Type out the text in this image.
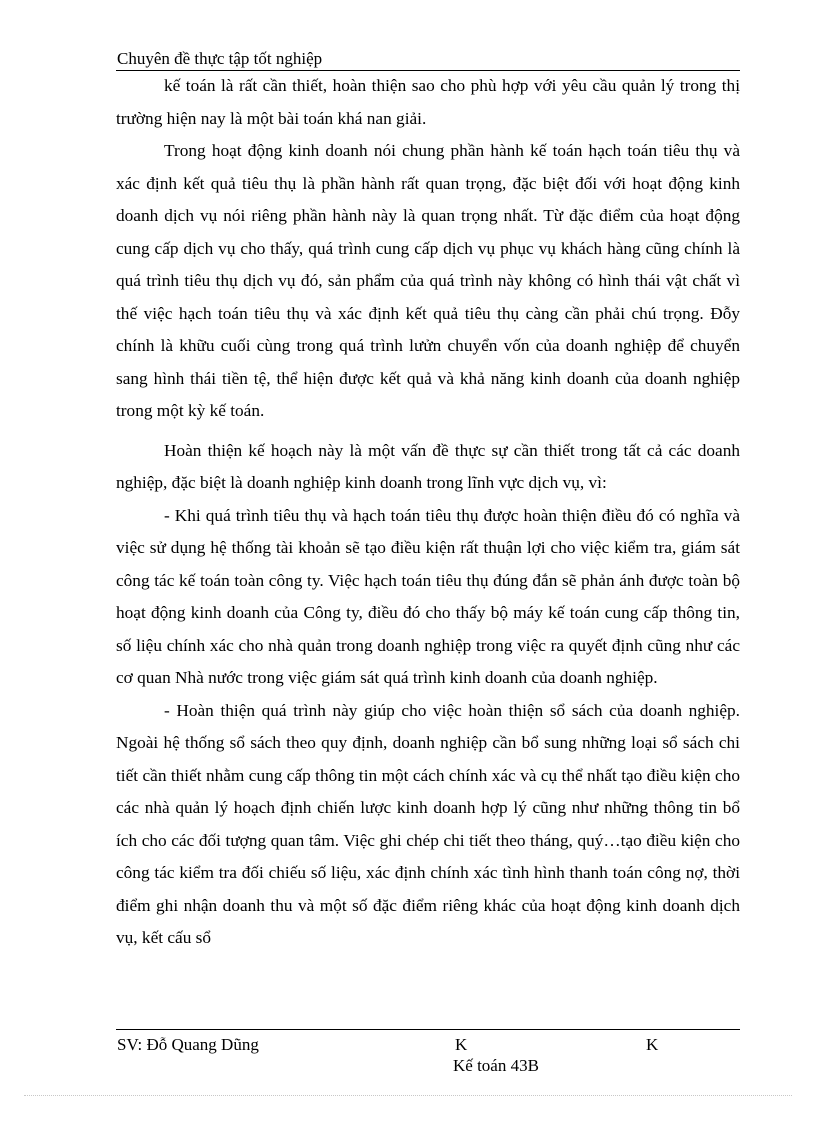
Chuyên đề thực tập tốt nghiệp

kế toán là rất cần thiết, hoàn thiện sao cho phù hợp với yêu cầu quản lý trong thị trường hiện nay là một bài toán khá nan giải.

Trong hoạt động kinh doanh nói chung phần hành kế toán hạch toán tiêu thụ và xác định kết quả tiêu thụ là phần hành rất quan trọng, đặc biệt đối với hoạt động kinh doanh dịch vụ nói riêng phần hành này là quan trọng nhất. Từ đặc điểm của hoạt động cung cấp dịch vụ cho thấy, quá trình cung cấp dịch vụ phục vụ khách hàng cũng chính là quá trình tiêu thụ dịch vụ đó, sản phẩm của quá trình này không có hình thái vật chất vì thế việc hạch toán tiêu thụ và xác định kết quả tiêu thụ càng cần phải chú trọng. Đỗy chính là khữu cuối cùng trong quá trình lưửn chuyển vốn của doanh nghiệp để chuyển sang hình thái tiền tệ, thể hiện được kết quả và khả năng kinh doanh của doanh nghiệp trong một kỳ kế toán.

Hoàn thiện kế hoạch này là một vấn đề thực sự cần thiết trong tất cả các doanh nghiệp, đặc biệt là doanh nghiệp kinh doanh trong lĩnh vực dịch vụ, vì:

- Khi quá trình tiêu thụ và hạch toán tiêu thụ được hoàn thiện điều đó có nghĩa và việc sử dụng hệ thống tài khoản sẽ tạo điều kiện rất thuận lợi cho việc kiểm tra, giám sát công tác kế toán toàn công ty. Việc hạch toán tiêu thụ đúng đắn sẽ phản ánh được toàn bộ hoạt động kinh doanh của Công ty, điều đó cho thấy bộ máy kế toán cung cấp thông tin, số liệu chính xác cho nhà quản trong doanh nghiệp trong việc ra quyết định cũng như các cơ quan Nhà nước trong việc giám sát quá trình kinh doanh của doanh nghiệp.

- Hoàn thiện quá trình này giúp cho việc hoàn thiện sổ sách của doanh nghiệp. Ngoài hệ thống sổ sách theo quy định, doanh nghiệp cần bổ sung những loại sổ sách chi tiết cần thiết nhằm cung cấp thông tin một cách chính xác và cụ thể nhất tạo điều kiện cho các nhà quản lý hoạch định chiến lược kinh doanh hợp lý cũng như những thông tin bổ ích cho các đối tượng quan tâm. Việc ghi chép chi tiết theo tháng, quý…tạo điều kiện cho công tác kiểm tra đối chiếu số liệu, xác định chính xác tình hình thanh toán công nợ, thời điểm ghi nhận doanh thu và một số đặc điểm riêng khác của hoạt động kinh doanh dịch vụ, kết cấu sổ

SV: Đỗ Quang Dũng	K	K
Kế toán 43B
